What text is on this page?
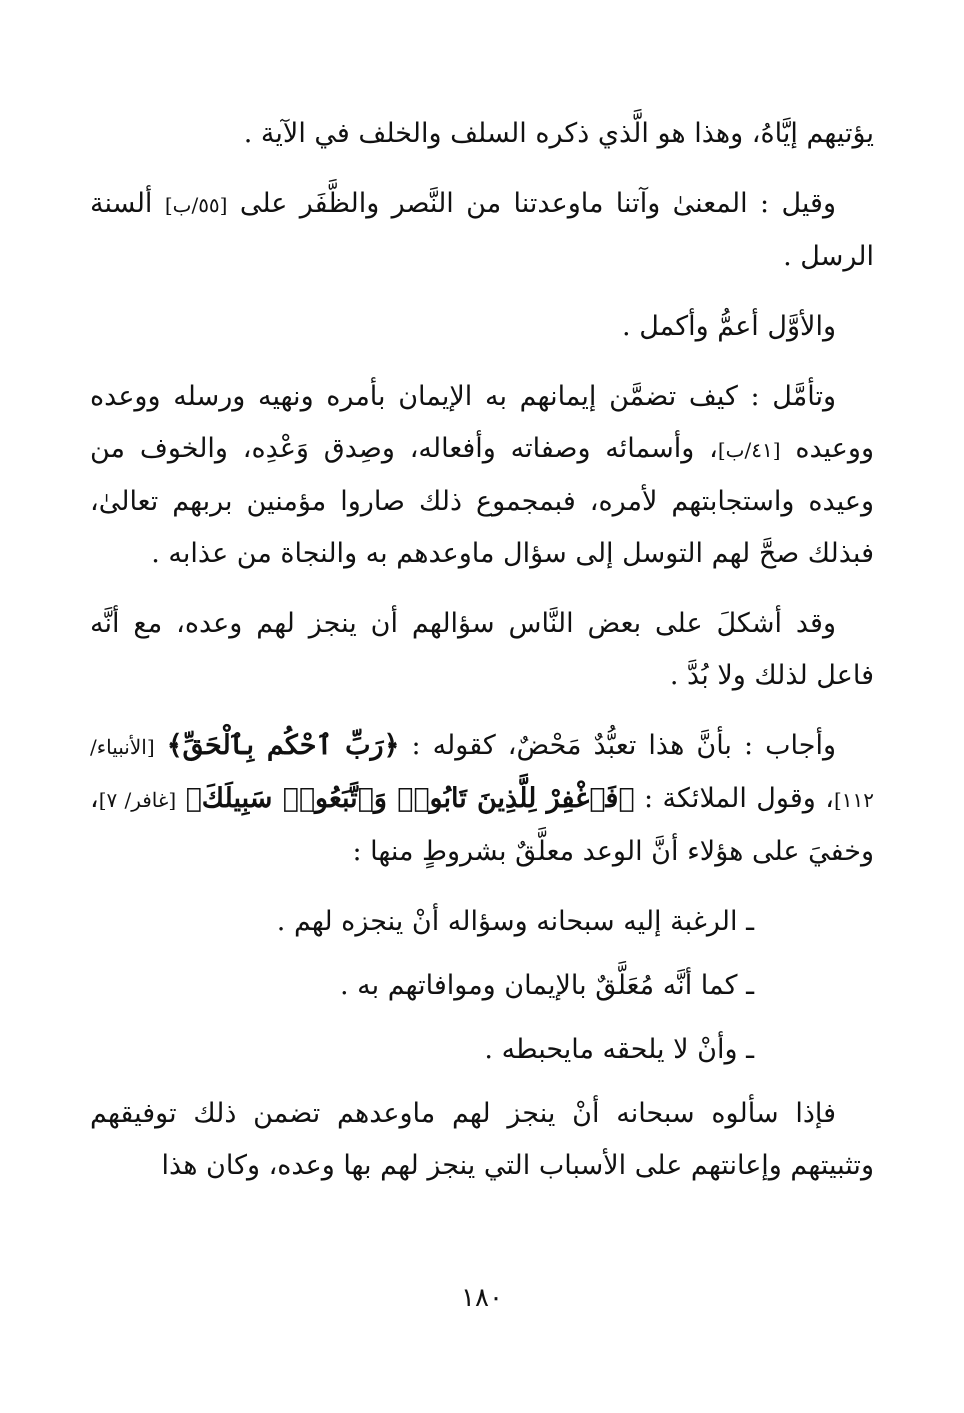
يؤتيهم إيَّاهُ، وهذا هو الَّذي ذكره السلف والخلف في الآية .

وقيل : المعنىٰ وآتنا ماوعدتنا من النَّصر والظَّفَر على [٥٥/ب] ألسنة الرسل .

والأوَّل أعمُّ وأكمل .

وتأمَّل : كيف تضمَّن إيمانهم به الإيمان بأمره ونهيه ورسله ووعده ووعيده [٤١/ب]، وأسمائه وصفاته وأفعاله، وصِدق وَعْدِه، والخوف من وعيده واستجابتهم لأمره، فبمجموع ذلك صاروا مؤمنين بربهم تعالىٰ، فبذلك صحَّ لهم التوسل إلى سؤال ماوعدهم به والنجاة من عذابه .

وقد أشكلَ على بعض النَّاس سؤالهم أن ينجز لهم وعده، مع أنَّه فاعل لذلك ولا بُدَّ .

وأجاب : بأنَّ هذا تعبُّدٌ مَحْضٌ، كقوله : ﴿رَبِّ ٱحْكُم بِٱلْحَقِّ﴾ [الأنبياء/ ١١٢]، وقول الملائكة : ﴿فَٱغْفِرْ لِلَّذِينَ تَابُوا۟ وَٱتَّبَعُوا۟ سَبِيلَكَ﴾ [غافر/ ٧]، وخفيَ على هؤلاء أنَّ الوعد معلَّقٌ بشروطٍ منها :

ـ الرغبة إليه سبحانه وسؤاله أنْ ينجزه لهم .

ـ كما أنَّه مُعَلَّقٌ بالإيمان وموافاتهم به .

ـ وأنْ لا يلحقه مايحبطه .

فإذا سألوه سبحانه أنْ ينجز لهم ماوعدهم تضمن ذلك توفيقهم وتثبيتهم وإعانتهم على الأسباب التي ينجز لهم بها وعده، وكان هذا

١٨٠
